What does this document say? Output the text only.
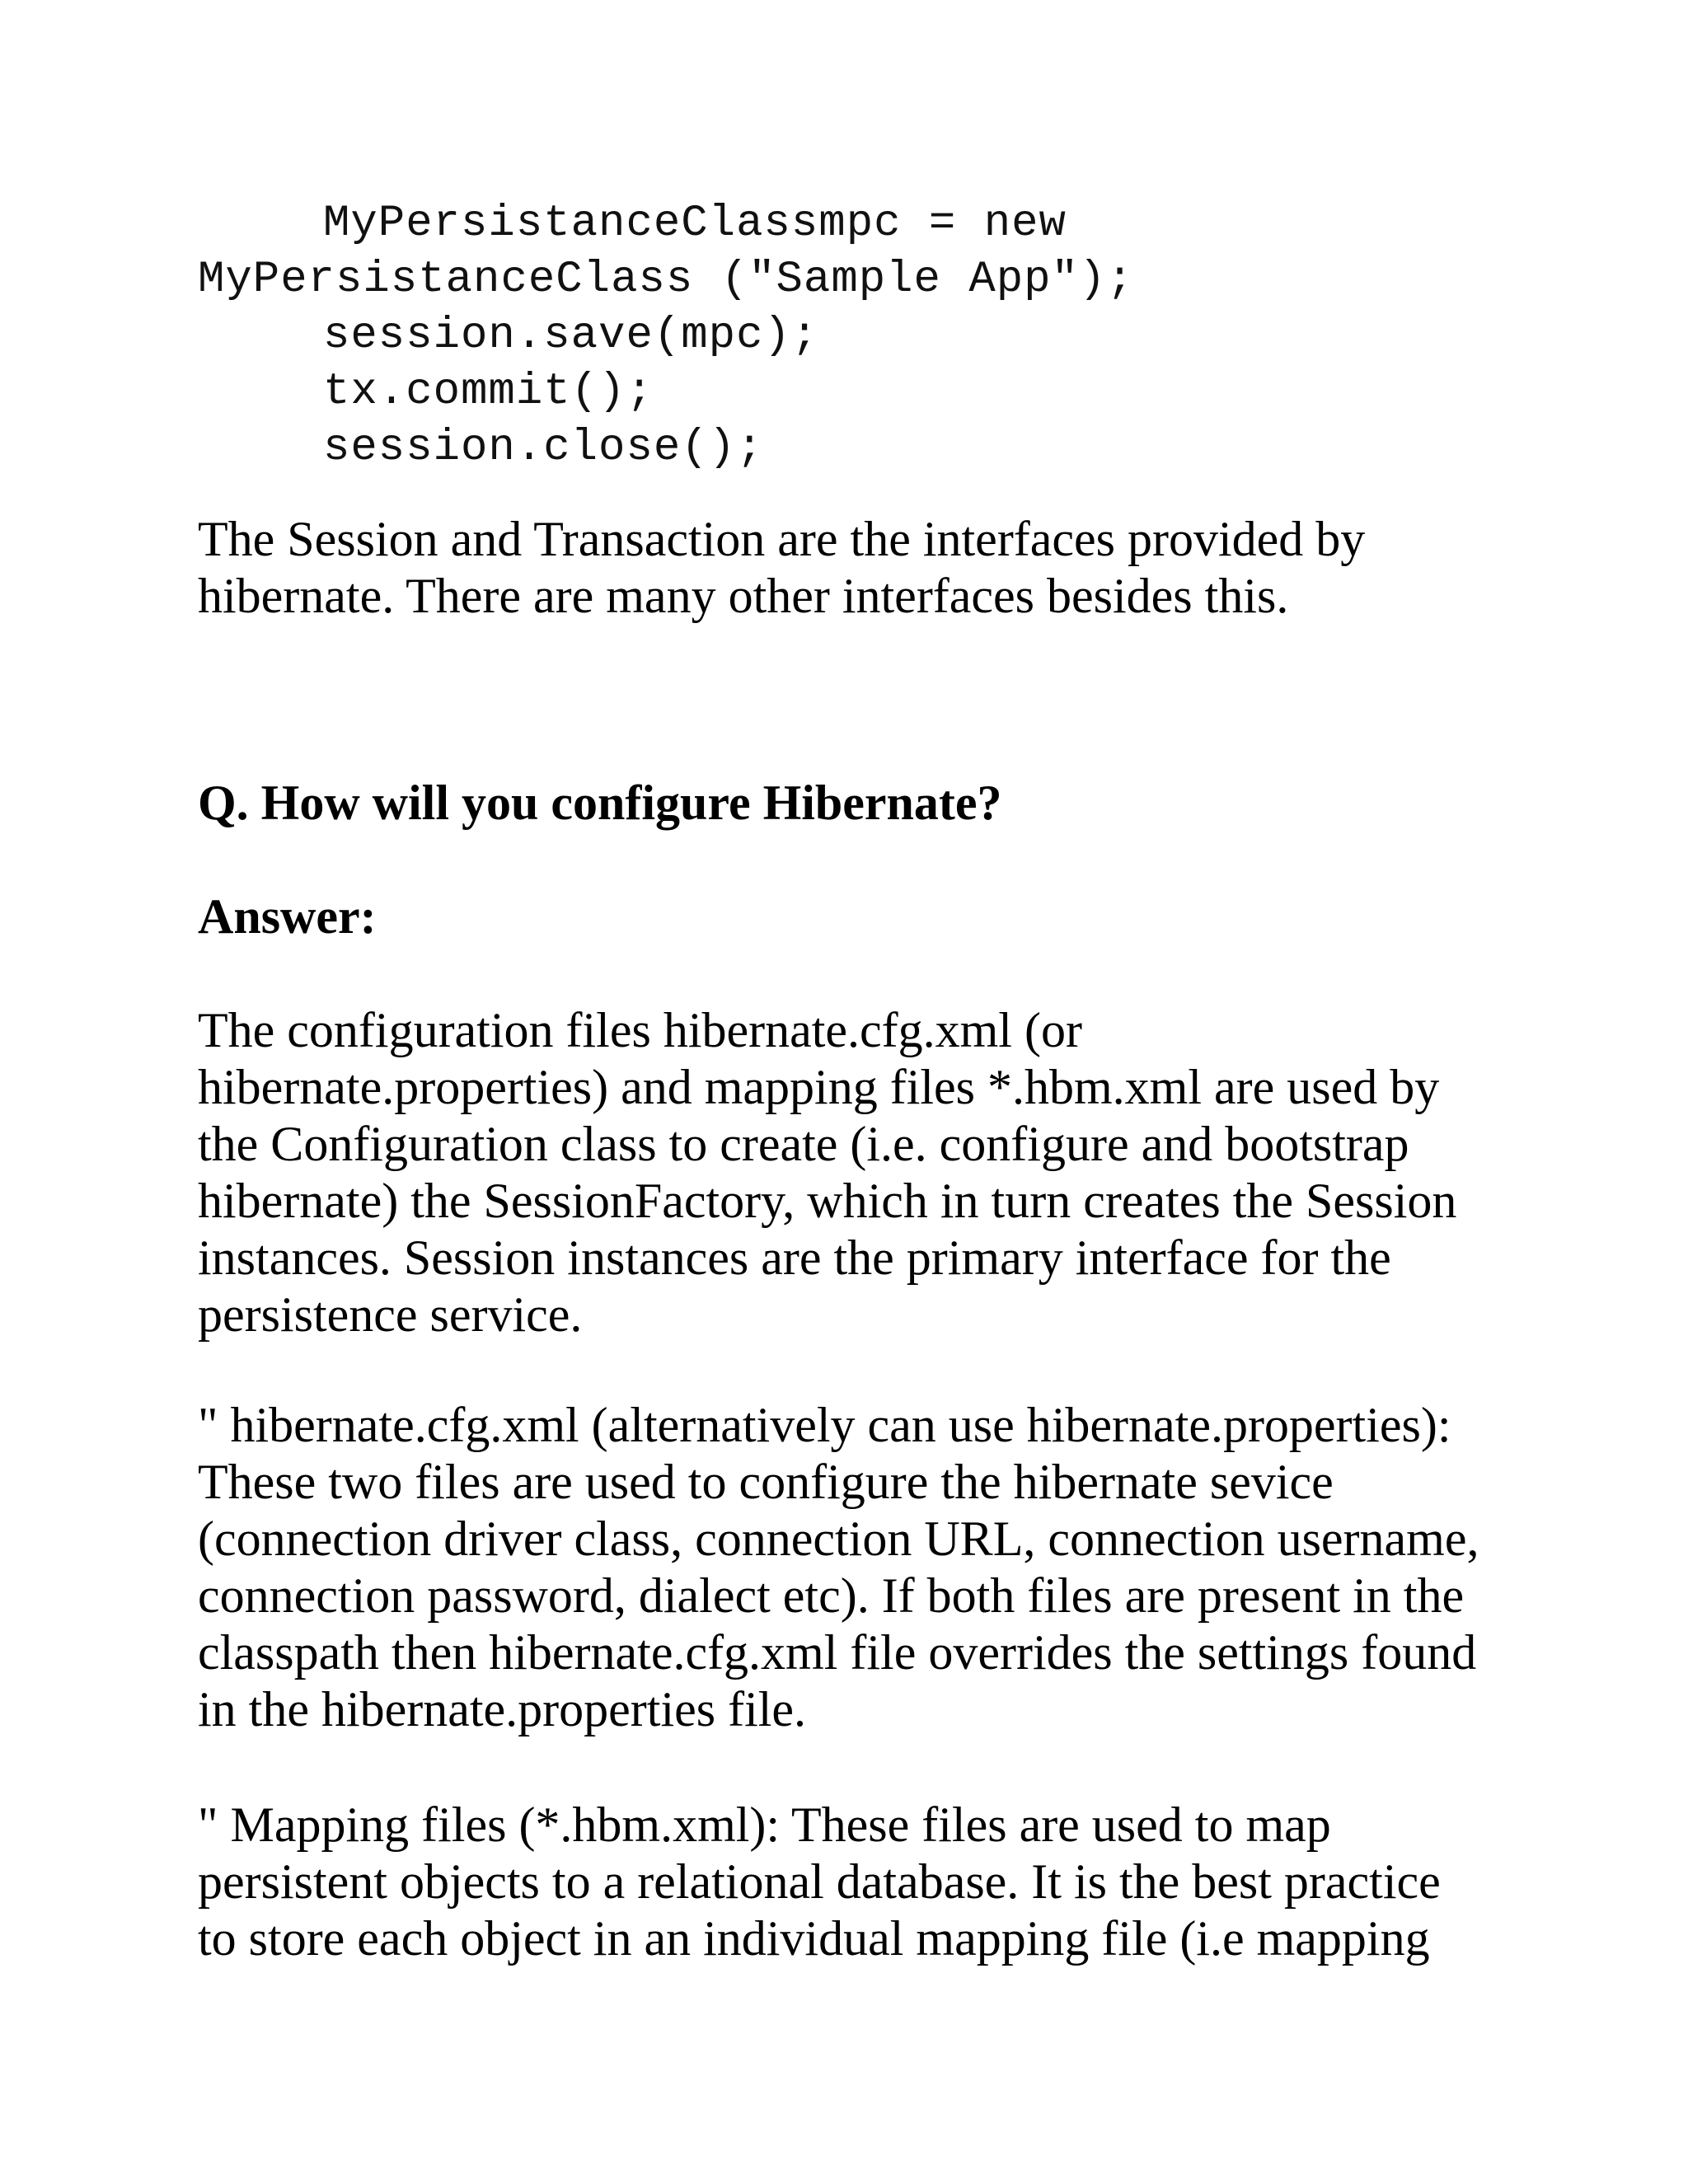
MyPersistanceClassmpc = new
MyPersistanceClass ("Sample App");
session.save(mpc);
tx.commit();
session.close();

The Session and Transaction are the interfaces provided by
hibernate. There are many other interfaces besides this.

Q. How will you configure Hibernate?
Answer:

The configuration files hibernate.cfg.xml (or
hibernate.properties) and mapping files *.hbm.xml are used by
the Configuration class to create (i.e. configure and bootstrap
hibernate) the SessionFactory, which in turn creates the Session
instances. Session instances are the primary interface for the
persistence service.

" hibernate.cfg.xml (alternatively can use hibernate.properties):
These two files are used to configure the hibernate sevice
(connection driver class, connection URL, connection username,
connection password, dialect etc). If both files are present in the
classpath then hibernate.cfg.xml file overrides the settings found
in the hibernate.properties file.

" Mapping files (*.hbm.xml): These files are used to map
persistent objects to a relational database. It is the best practice
to store each object in an individual mapping file (i.e mapping
